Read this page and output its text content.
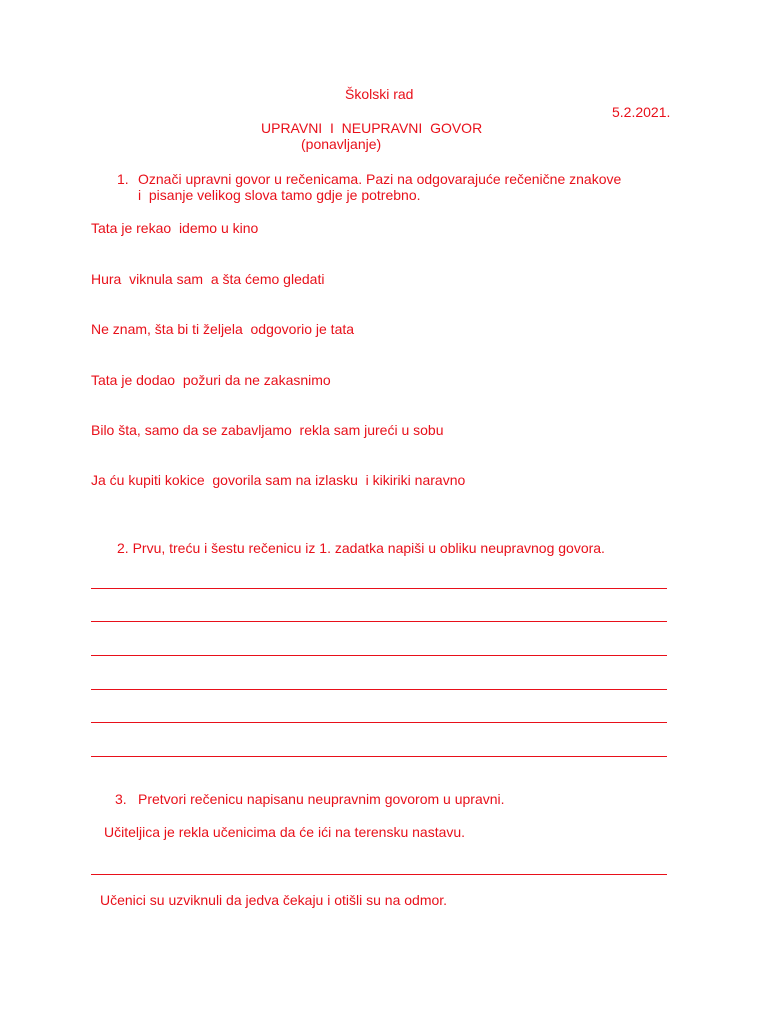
Školski rad
5.2.2021.
UPRAVNI  I  NEUPRAVNI  GOVOR
(ponavljanje)
1. Označi upravni govor u rečenicama. Pazi na odgovarajuće rečenične znakove
i  pisanje velikog slova tamo gdje je potrebno.
Tata je rekao  idemo u kino
Hura  viknula sam  a šta ćemo gledati
Ne znam, šta bi ti željela  odgovorio je tata
Tata je dodao  požuri da ne zakasnimo
Bilo šta, samo da se zabavljamo  rekla sam jureći u sobu
Ja ću kupiti kokice  govorila sam na izlasku  i kikiriki naravno
2. Prvu, treću i šestu rečenicu iz 1. zadatka napiši u obliku neupravnog govora.
3. Pretvori rečenicu napisanu neupravnim govorom u upravni.
Učiteljica je rekla učenicima da će ići na terensku nastavu.
Učenici su uzviknuli da jedva čekaju i otišli su na odmor.
